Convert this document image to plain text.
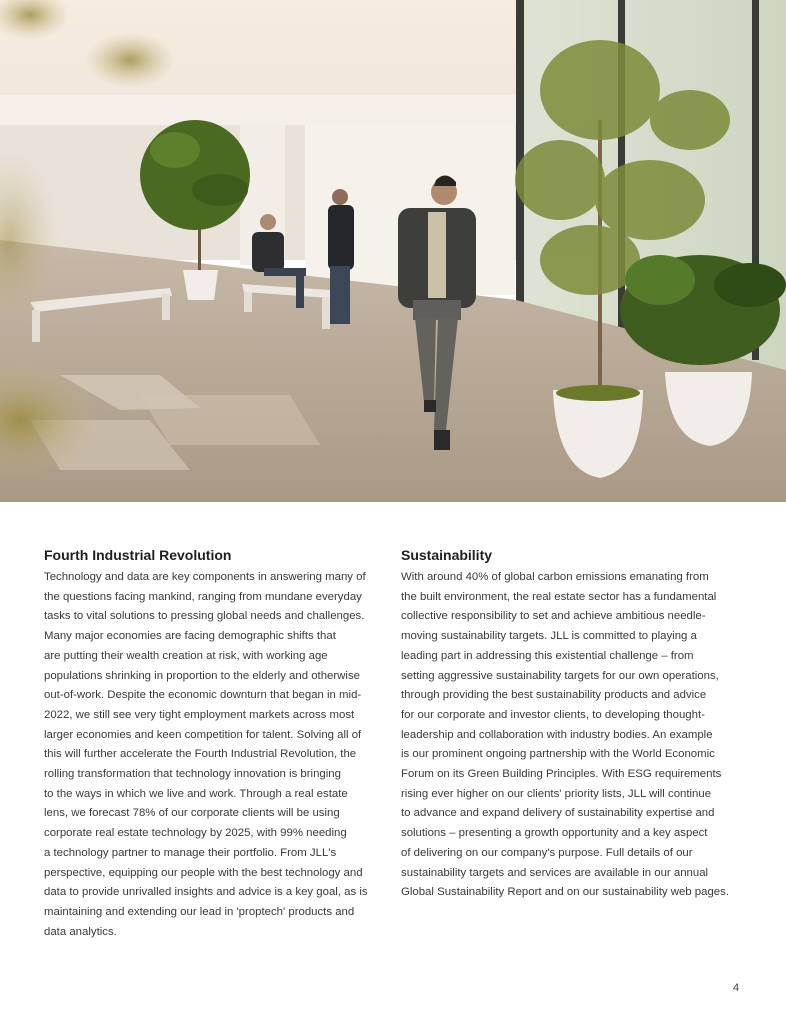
Fourth Industrial Revolution

Technology and data are key components in answering many of
the questions facing mankind, ranging from mundane everyday
tasks to vital solutions to pressing global needs and challenges.
Many major economies are facing demographic shifts that
are putting their wealth creation at risk, with working age
populations shrinking in proportion to the elderly and otherwise
out-of-work. Despite the economic downturn that began in mid-
2022, we still see very tight employment markets across most
larger economies and keen competition for talent. Solving all of
this will further accelerate the Fourth Industrial Revolution, the
rolling transformation that technology innovation is bringing
to the ways in which we live and work. Through a real estate
lens, we forecast 78% of our corporate clients will be using
corporate real estate technology by 2025, with 99% needing
a technology partner to manage their portfolio. From JLL's
perspective, equipping our people with the best technology and
data to provide unrivalled insights and advice is a key goal, as is
maintaining and extending our lead in 'proptech' products and
data analytics.

Sustainability

With around 40% of global carbon emissions emanating from
the built environment, the real estate sector has a fundamental
collective responsibility to set and achieve ambitious needle-
moving sustainability targets. JLL is committed to playing a
leading part in addressing this existential challenge – from
setting aggressive sustainability targets for our own operations,
through providing the best sustainability products and advice
for our corporate and investor clients, to developing thought-
leadership and collaboration with industry bodies. An example
is our prominent ongoing partnership with the World Economic
Forum on its Green Building Principles. With ESG requirements
rising ever higher on our clients' priority lists, JLL will continue
to advance and expand delivery of sustainability expertise and
solutions – presenting a growth opportunity and a key aspect
of delivering on our company's purpose. Full details of our
sustainability targets and services are available in our annual
Global Sustainability Report and on our sustainability web pages.

4
